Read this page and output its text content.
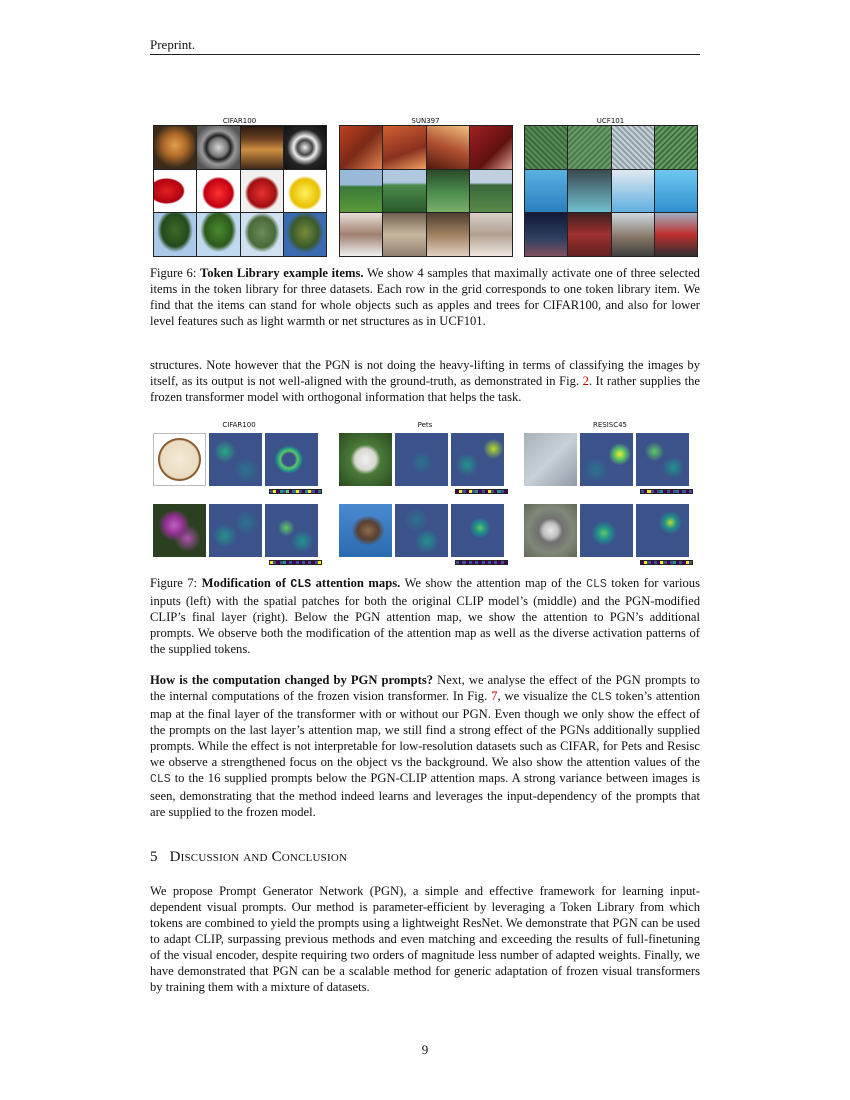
Preprint.
CIFAR100	SUN397	UCF101

Figure 6: Token Library example items. We show 4 samples that maximally activate one of three selected items in the token library for three datasets. Each row in the grid corresponds to one token library item. We find that the items can stand for whole objects such as apples and trees for CIFAR100, and also for lower level features such as light warmth or net structures as in UCF101.

structures. Note however that the PGN is not doing the heavy-lifting in terms of classifying the images by itself, as its output is not well-aligned with the ground-truth, as demonstrated in Fig. 2. It rather supplies the frozen transformer model with orthogonal information that helps the task.

CIFAR100	Pets	RESISC45

Figure 7: Modification of CLS attention maps. We show the attention map of the CLS token for various inputs (left) with the spatial patches for both the original CLIP model’s (middle) and the PGN-modified CLIP’s final layer (right). Below the PGN attention map, we show the attention to PGN’s additional prompts. We observe both the modification of the attention map as well as the diverse activation patterns of the supplied tokens.

How is the computation changed by PGN prompts? Next, we analyse the effect of the PGN prompts to the internal computations of the frozen vision transformer. In Fig. 7, we visualize the CLS token’s attention map at the final layer of the transformer with or without our PGN. Even though we only show the effect of the prompts on the last layer’s attention map, we still find a strong effect of the PGNs additionally supplied prompts. While the effect is not interpretable for low-resolution datasets such as CIFAR, for Pets and Resisc we observe a strengthened focus on the object vs the background. We also show the attention values of the CLS to the 16 supplied prompts below the PGN-CLIP attention maps. A strong variance between images is seen, demonstrating that the method indeed learns and leverages the input-dependency of the prompts that are supplied to the frozen model.

5 Discussion and Conclusion

We propose Prompt Generator Network (PGN), a simple and effective framework for learning input-dependent visual prompts. Our method is parameter-efficient by leveraging a Token Library from which tokens are combined to yield the prompts using a lightweight ResNet. We demonstrate that PGN can be used to adapt CLIP, surpassing previous methods and even matching and exceeding the results of full-finetuning of the visual encoder, despite requiring two orders of magnitude less number of adapted weights. Finally, we have demonstrated that PGN can be a scalable method for generic adaptation of frozen visual transformers by training them with a mixture of datasets.

9
